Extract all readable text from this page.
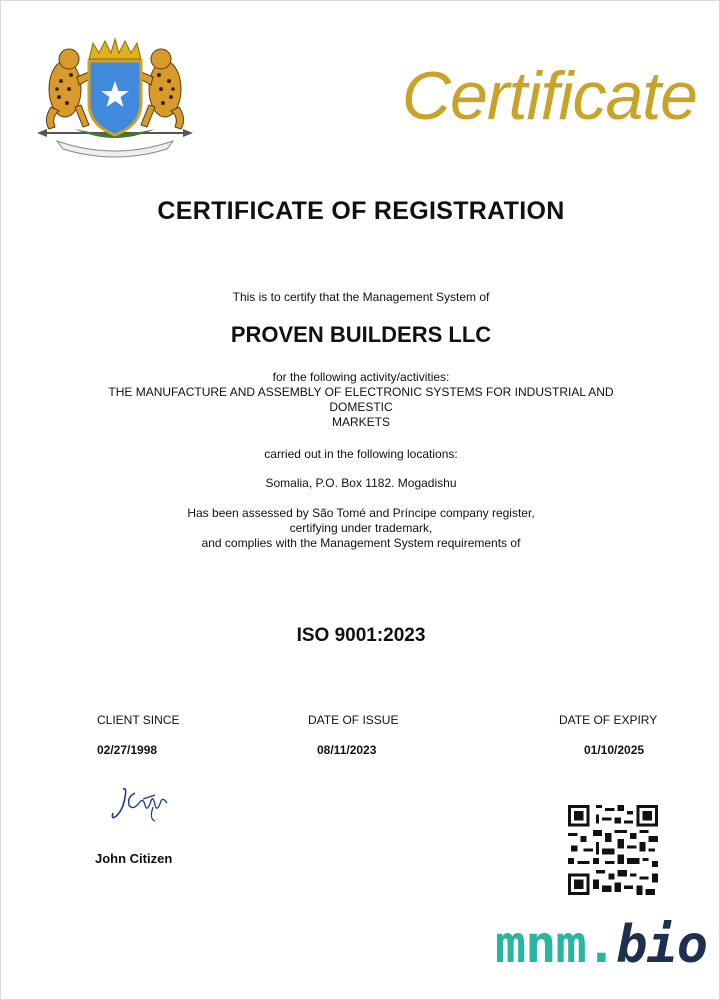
Certificate
CERTIFICATE OF REGISTRATION
This is to certify that the Management System of
PROVEN BUILDERS LLC
for the following activity/activities:
THE MANUFACTURE AND ASSEMBLY OF ELECTRONIC SYSTEMS FOR INDUSTRIAL AND
DOMESTIC
MARKETS
carried out in the following locations:
Somalia, P.O. Box 1182. Mogadishu
Has been assessed by São Tomé and Príncipe company register,
certifying under trademark,
and complies with the Management System requirements of
ISO 9001:2023
CLIENT SINCE	DATE OF ISSUE	DATE OF EXPIRY
02/27/1998	08/11/2023	01/10/2025
John Citizen
mnm.bio
